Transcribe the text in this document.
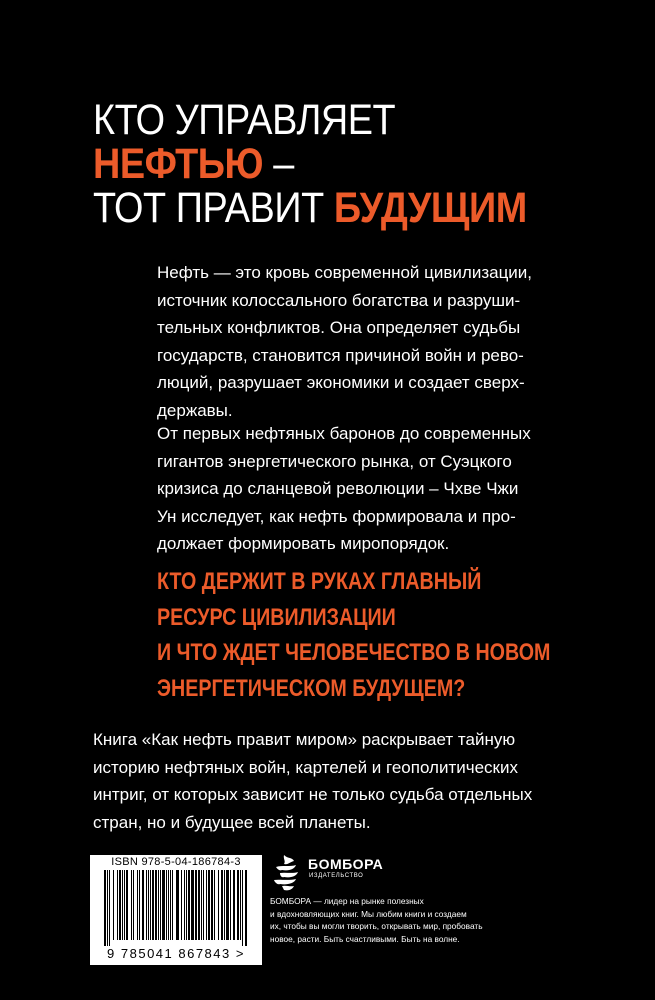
КТО УПРАВЛЯЕТ
НЕФТЬЮ –
ТОТ ПРАВИТ БУДУЩИМ
Нефть — это кровь современной цивилизации,
источник колоссального богатства и разруши-
тельных конфликтов. Она определяет судьбы
государств, становится причиной войн и рево-
люций, разрушает экономики и создает сверх-
державы.
От первых нефтяных баронов до современных
гигантов энергетического рынка, от Суэцкого
кризиса до сланцевой революции – Чхве Чжи
Ун исследует, как нефть формировала и про-
должает формировать миропорядок.
КТО ДЕРЖИТ В РУКАХ ГЛАВНЫЙ
РЕСУРС ЦИВИЛИЗАЦИИ
И ЧТО ЖДЕТ ЧЕЛОВЕЧЕСТВО В НОВОМ
ЭНЕРГЕТИЧЕСКОМ БУДУЩЕМ?
Книга «Как нефть правит миром» раскрывает тайную
историю нефтяных войн, картелей и геополитических
интриг, от которых зависит не только судьба отдельных
стран, но и будущее всей планеты.
ISBN 978-5-04-186784-3
9 785041 867843 >
БОМБОРА
ИЗДАТЕЛЬСТВО
БОМБОРА — лидер на рынке полезных
и вдохновляющих книг. Мы любим книги и создаем
их, чтобы вы могли творить, открывать мир, пробовать
новое, расти. Быть счастливыми. Быть на волне.
